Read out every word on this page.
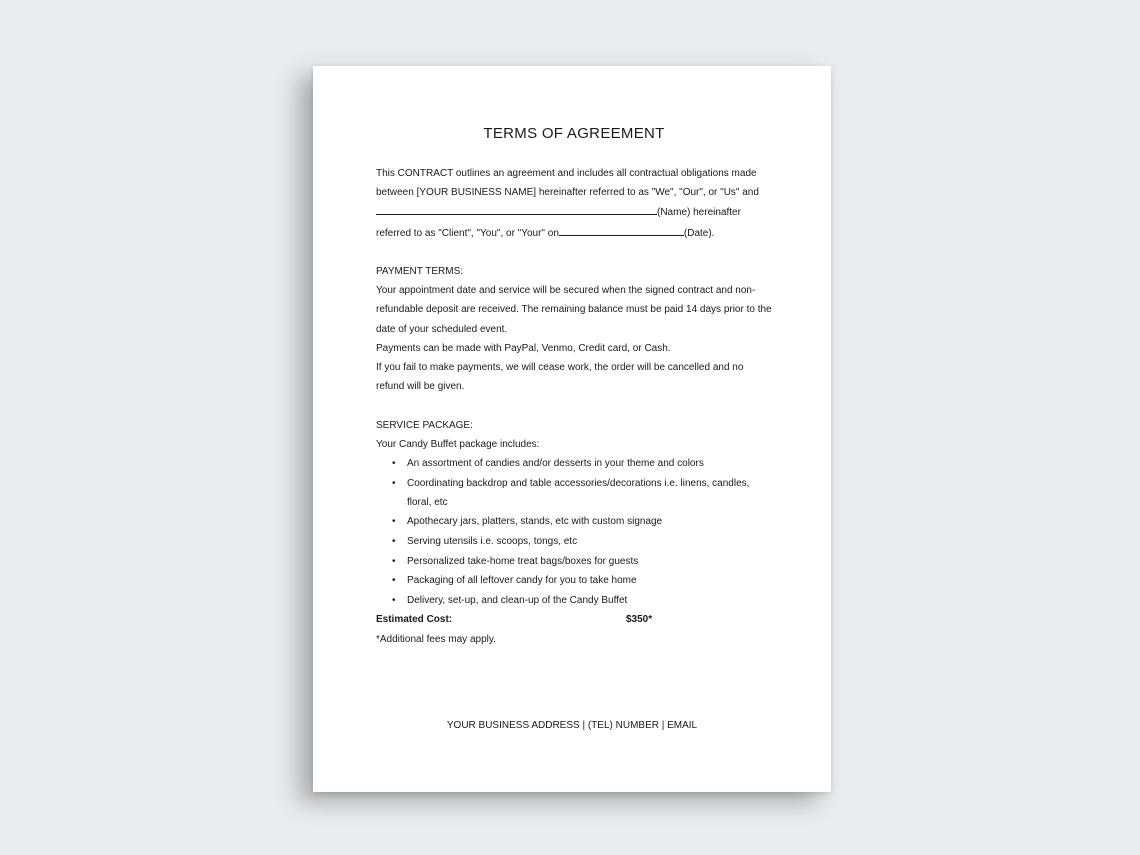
TERMS OF AGREEMENT

This CONTRACT outlines an agreement and includes all contractual obligations made

between [YOUR BUSINESS NAME] hereinafter referred to as "We", "Our", or "Us" and

(Name) hereinafter

referred to as "Client", "You", or "Your" on	(Date).

PAYMENT TERMS:

Your appointment date and service will be secured when the signed contract and non-

refundable deposit are received. The remaining balance must be paid 14 days prior to the

date of your scheduled event.

Payments can be made with PayPal, Venmo, Credit card, or Cash.

If you fail to make payments, we will cease work, the order will be cancelled and no

refund will be given.

SERVICE PACKAGE:

Your Candy Buffet package includes:

• An assortment of candies and/or desserts in your theme and colors
• Coordinating backdrop and table accessories/decorations i.e. linens, candles, floral, etc
• Apothecary jars, platters, stands, etc with custom signage
• Serving utensils i.e. scoops, tongs, etc
• Personalized take-home treat bags/boxes for guests
• Packaging of all leftover candy for you to take home
• Delivery, set-up, and clean-up of the Candy Buffet

Estimated Cost:	$350*

*Additional fees may apply.

YOUR BUSINESS ADDRESS | (TEL) NUMBER | EMAIL
